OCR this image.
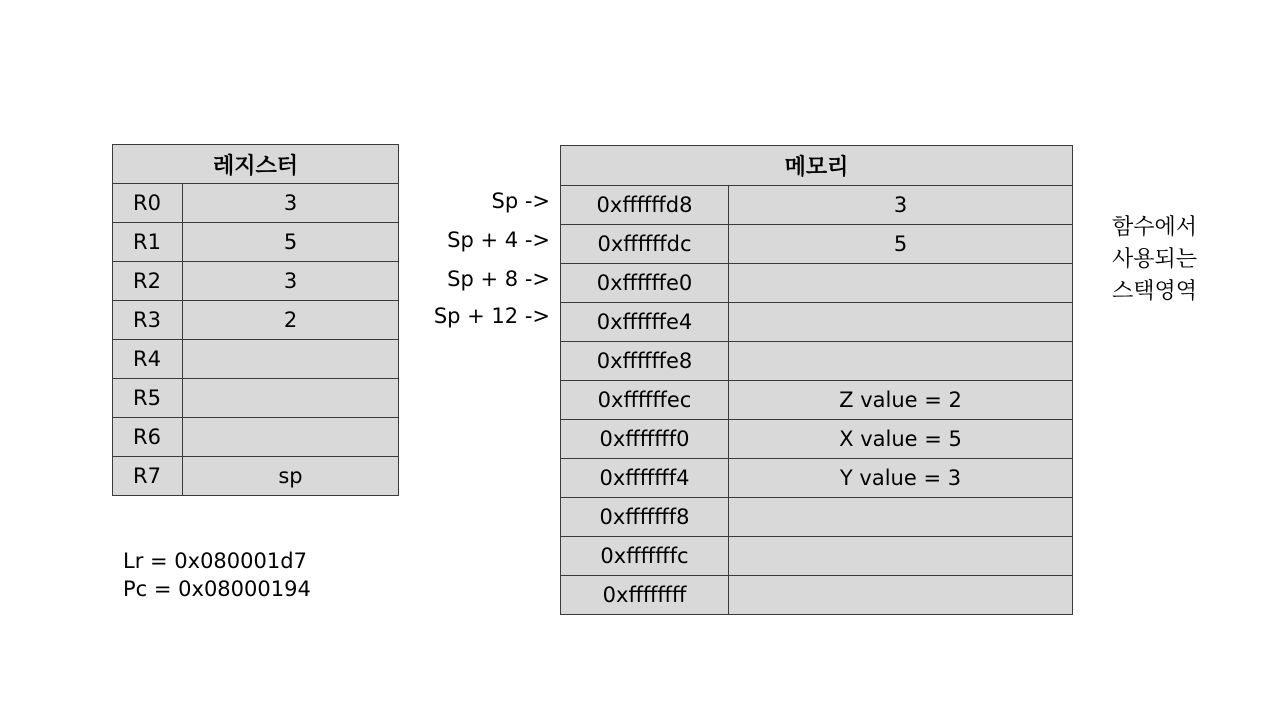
레지스터	
R0	3
R1	5
R2	3
R3	2
R4	
R5	
R6	
R7	sp
Lr = 0x080001d7
Pc = 0x08000194
Sp ->
Sp + 4 ->
Sp + 8 ->
Sp + 12 ->
메모리	
0xffffffd8	3
0xffffffdc	5
0xffffffe0	
0xffffffe4	
0xffffffe8	
0xffffffec	Z value = 2
0xfffffff0	X value = 5
0xfffffff4	Y value = 3
0xfffffff8	
0xfffffffc	
0xffffffff	
함수에서
사용되는
스택영역
